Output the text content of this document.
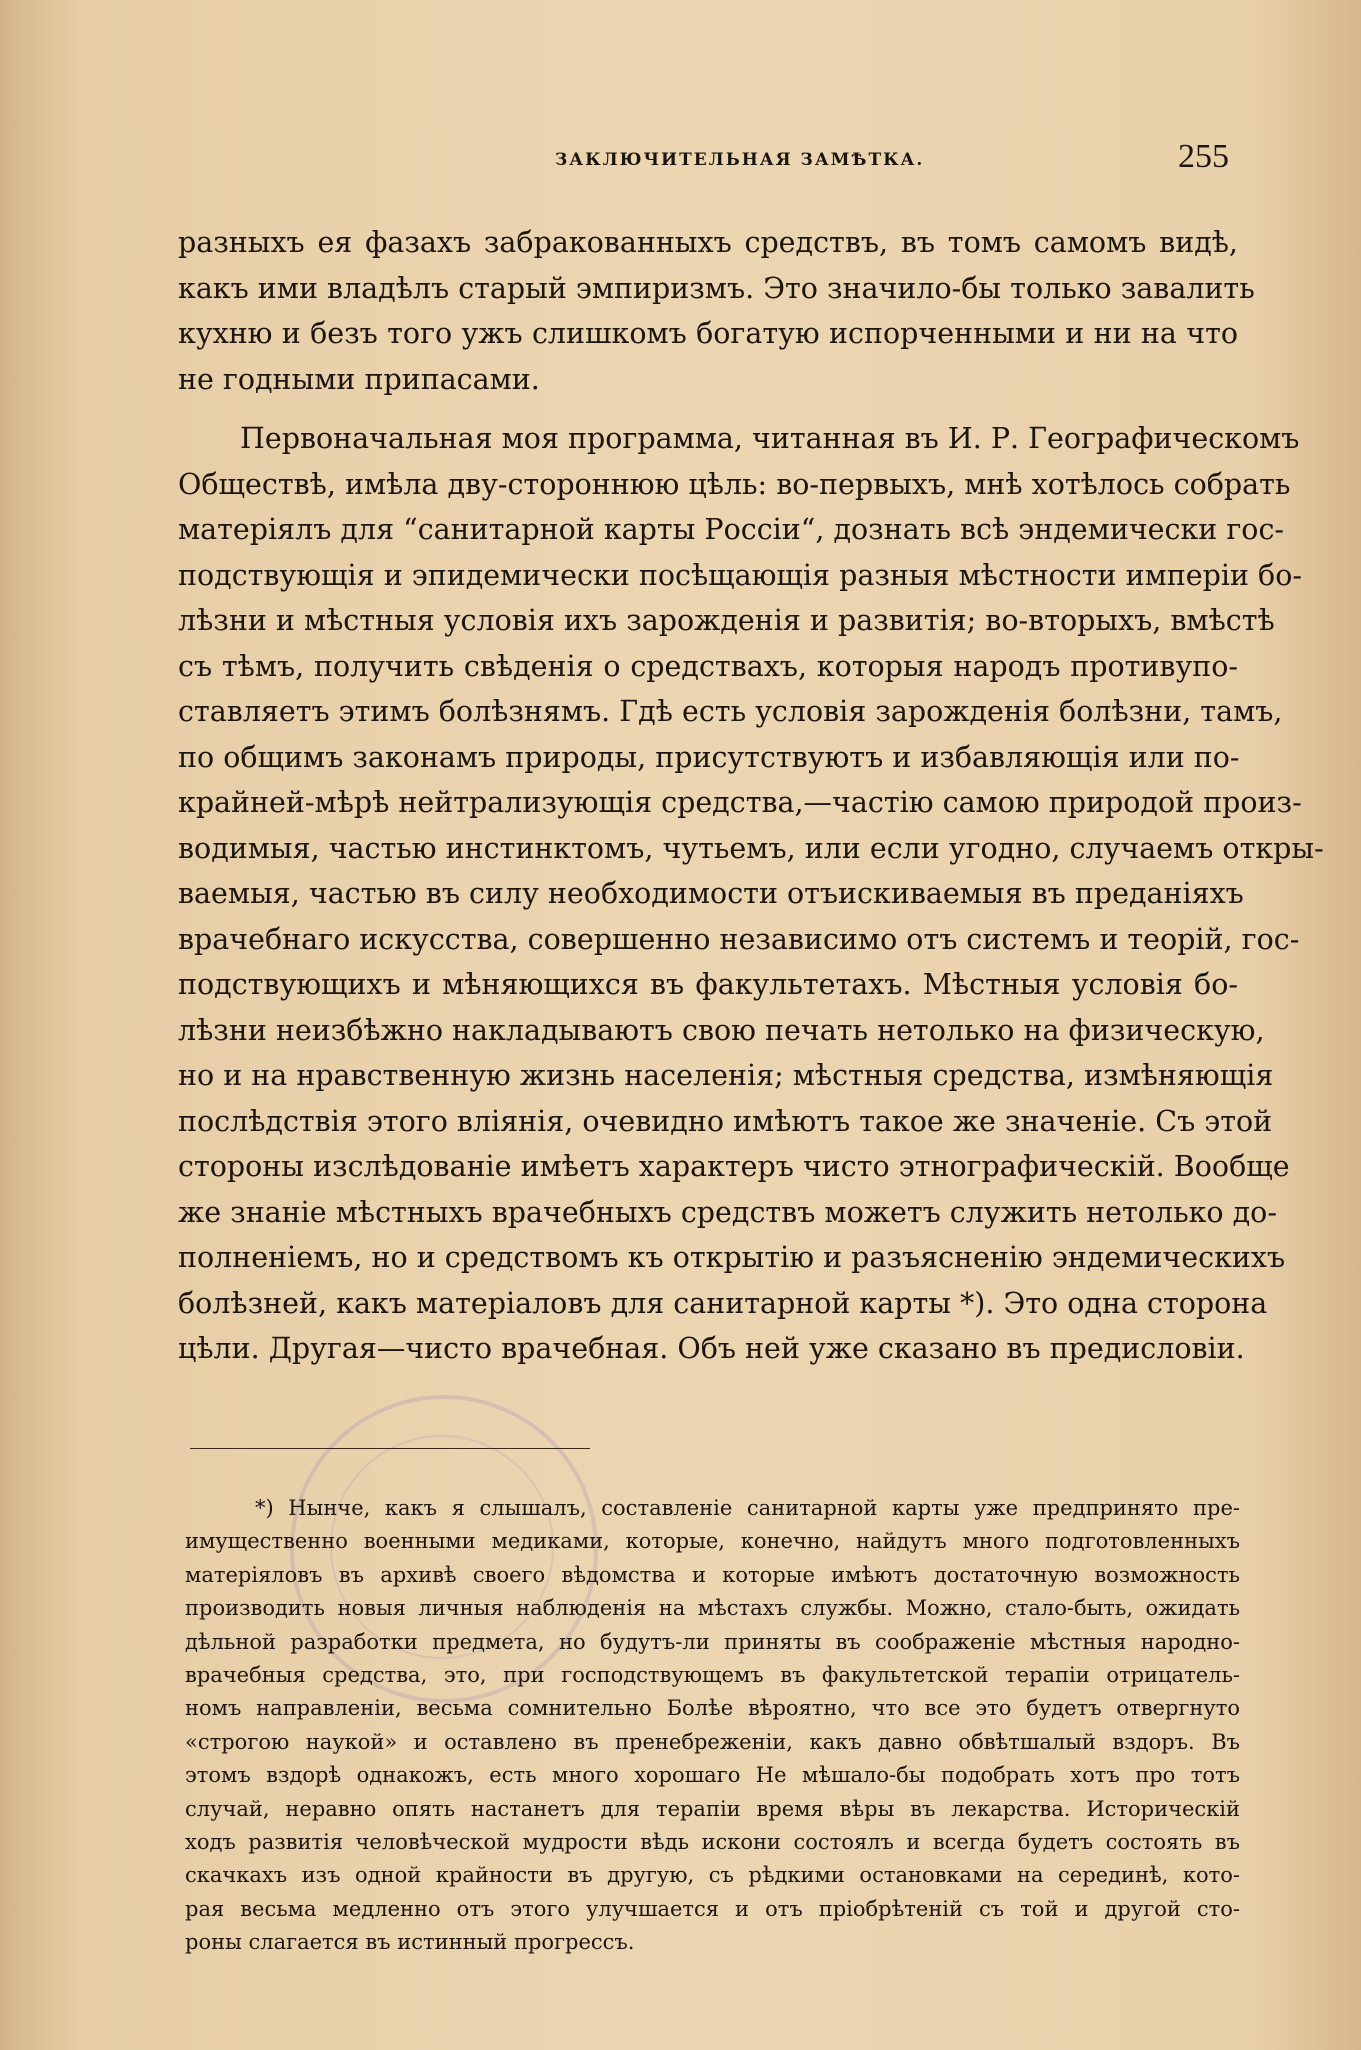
ЗАКЛЮЧИТЕЛЬНАЯ ЗАМѢТКА.	255
разныхъ ея фазахъ забракованныхъ средствъ, въ томъ самомъ видѣ,
какъ ими владѣлъ старый эмпиризмъ. Это значило-бы только завалить
кухню и безъ того ужъ слишкомъ богатую испорченными и ни на что
не годными припасами.
Первоначальная моя программа, читанная въ И. Р. Географическомъ
Обществѣ, имѣла дву-стороннюю цѣль: во-первыхъ, мнѣ хотѣлось собрать
матеріялъ для “санитарной карты Россіи“, дознать всѣ эндемически гос-
подствующія и эпидемически посѣщающія разныя мѣстности имперіи бо-
лѣзни и мѣстныя условія ихъ зарожденія и развитія; во-вторыхъ, вмѣстѣ
съ тѣмъ, получить свѣденія о средствахъ, которыя народъ противупо-
ставляетъ этимъ болѣзнямъ. Гдѣ есть условія зарожденія болѣзни, тамъ,
по общимъ законамъ природы, присутствуютъ и избавляющія или по-
крайней-мѣрѣ нейтрализующія средства,—частію самою природой произ-
водимыя, частью инстинктомъ, чутьемъ, или если угодно, случаемъ откры-
ваемыя, частью въ силу необходимости отъискиваемыя въ преданіяхъ
врачебнаго искусства, совершенно независимо отъ системъ и теорій, гос-
подствующихъ и мѣняющихся въ факультетахъ. Мѣстныя условія бо-
лѣзни неизбѣжно накладываютъ свою печать нетолько на физическую,
но и на нравственную жизнь населенія; мѣстныя средства, измѣняющія
послѣдствія этого вліянія, очевидно имѣютъ такое же значеніе. Съ этой
стороны изслѣдованіе имѣетъ характеръ чисто этнографическій. Вообще
же знаніе мѣстныхъ врачебныхъ средствъ можетъ служить нетолько до-
полненіемъ, но и средствомъ къ открытію и разъясненію эндемическихъ
болѣзней, какъ матеріаловъ для санитарной карты *). Это одна сторона
цѣли. Другая—чисто врачебная. Объ ней уже сказано въ предисловіи.
*) Нынче, какъ я слышалъ, составленіе санитарной карты уже предпринято пре-
имущественно военными медиками, которые, конечно, найдутъ много подготовленныхъ
матеріяловъ въ архивѣ своего вѣдомства и которые имѣютъ достаточную возможность
производить новыя личныя наблюденія на мѣстахъ службы. Можно, стало-быть, ожидать
дѣльной разработки предмета, но будутъ-ли приняты въ соображеніе мѣстныя народно-
врачебныя средства, это, при господствующемъ въ факультетской терапіи отрицатель-
номъ направленіи, весьма сомнительно Болѣе вѣроятно, что все это будетъ отвергнуто
«строгою наукой» и оставлено въ пренебреженіи, какъ давно обвѣтшалый вздоръ. Въ
этомъ вздорѣ однакожъ, есть много хорошаго Не мѣшало-бы подобрать хотъ про тотъ
случай, неравно опять настанетъ для терапіи время вѣры въ лекарства. Историческій
ходъ развитія человѣческой мудрости вѣдь искони состоялъ и всегда будетъ состоять въ
скачкахъ изъ одной крайности въ другую, съ рѣдкими остановками на серединѣ, кото-
рая весьма медленно отъ этого улучшается и отъ пріобрѣтеній съ той и другой сто-
роны слагается въ истинный прогрессъ.
